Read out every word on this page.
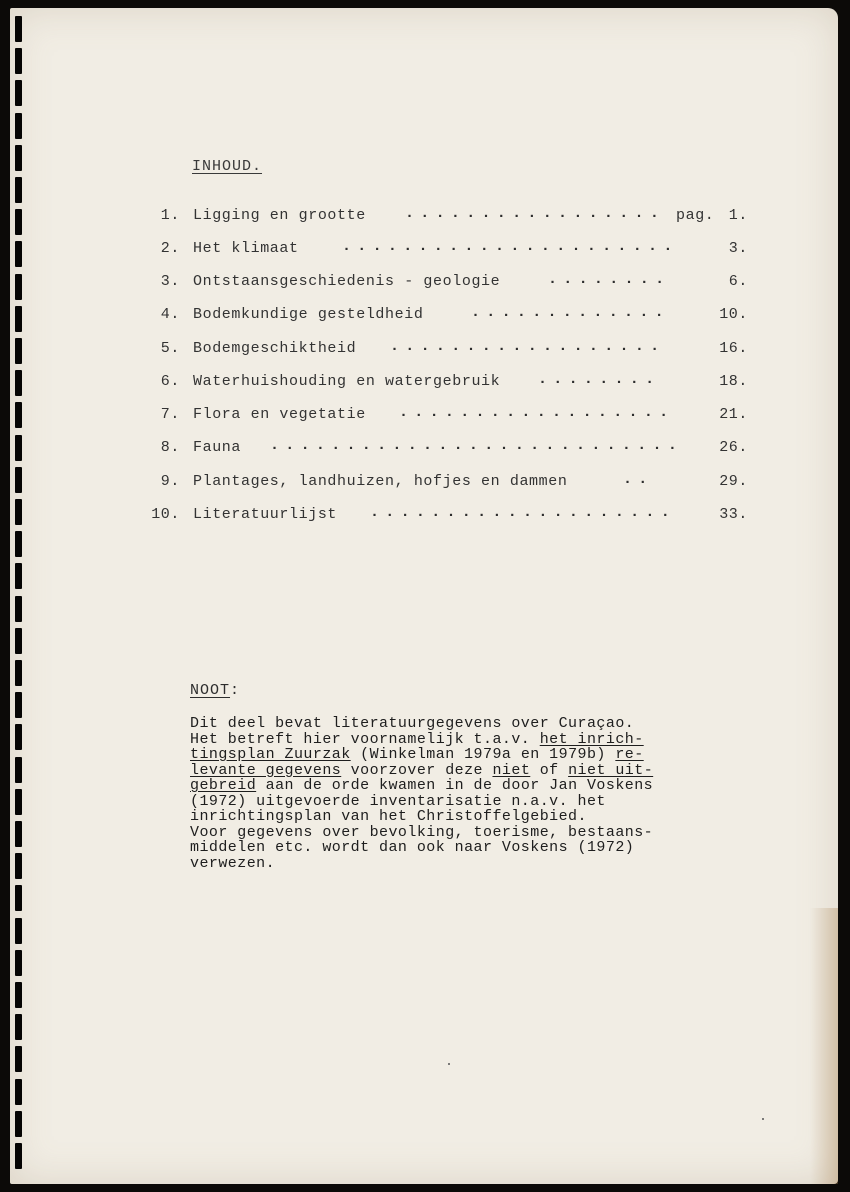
INHOUD.
1. Ligging en grootte	................. pag. 1.
2. Het klimaat	......................	3.
3. Ontstaansgeschiedenis - geologie	........	6.
4. Bodemkundige gesteldheid	.............	10.
5. Bodemgeschiktheid ..................	16.
6. Waterhuishouding en watergebruik	........	18.
7. Flora en vegetatie ..................	21.
8. Fauna ........................... 26.
9. Plantages, landhuizen, hofjes en dammen	..	29.
10. Literatuurlijst ....................	33.
NOOT:
Dit deel bevat literatuurgegevens over Curaçao.
Het betreft hier voornamelijk t.a.v. het inrich-
tingsplan Zuurzak (Winkelman 1979a en 1979b) re-
levante gegevens voorzover deze niet of niet uit-
gebreid aan de orde kwamen in de door Jan Voskens
(1972) uitgevoerde inventarisatie n.a.v. het
inrichtingsplan van het Christoffelgebied.
Voor gegevens over bevolking, toerisme, bestaans-
middelen etc. wordt dan ook naar Voskens (1972)
verwezen.
